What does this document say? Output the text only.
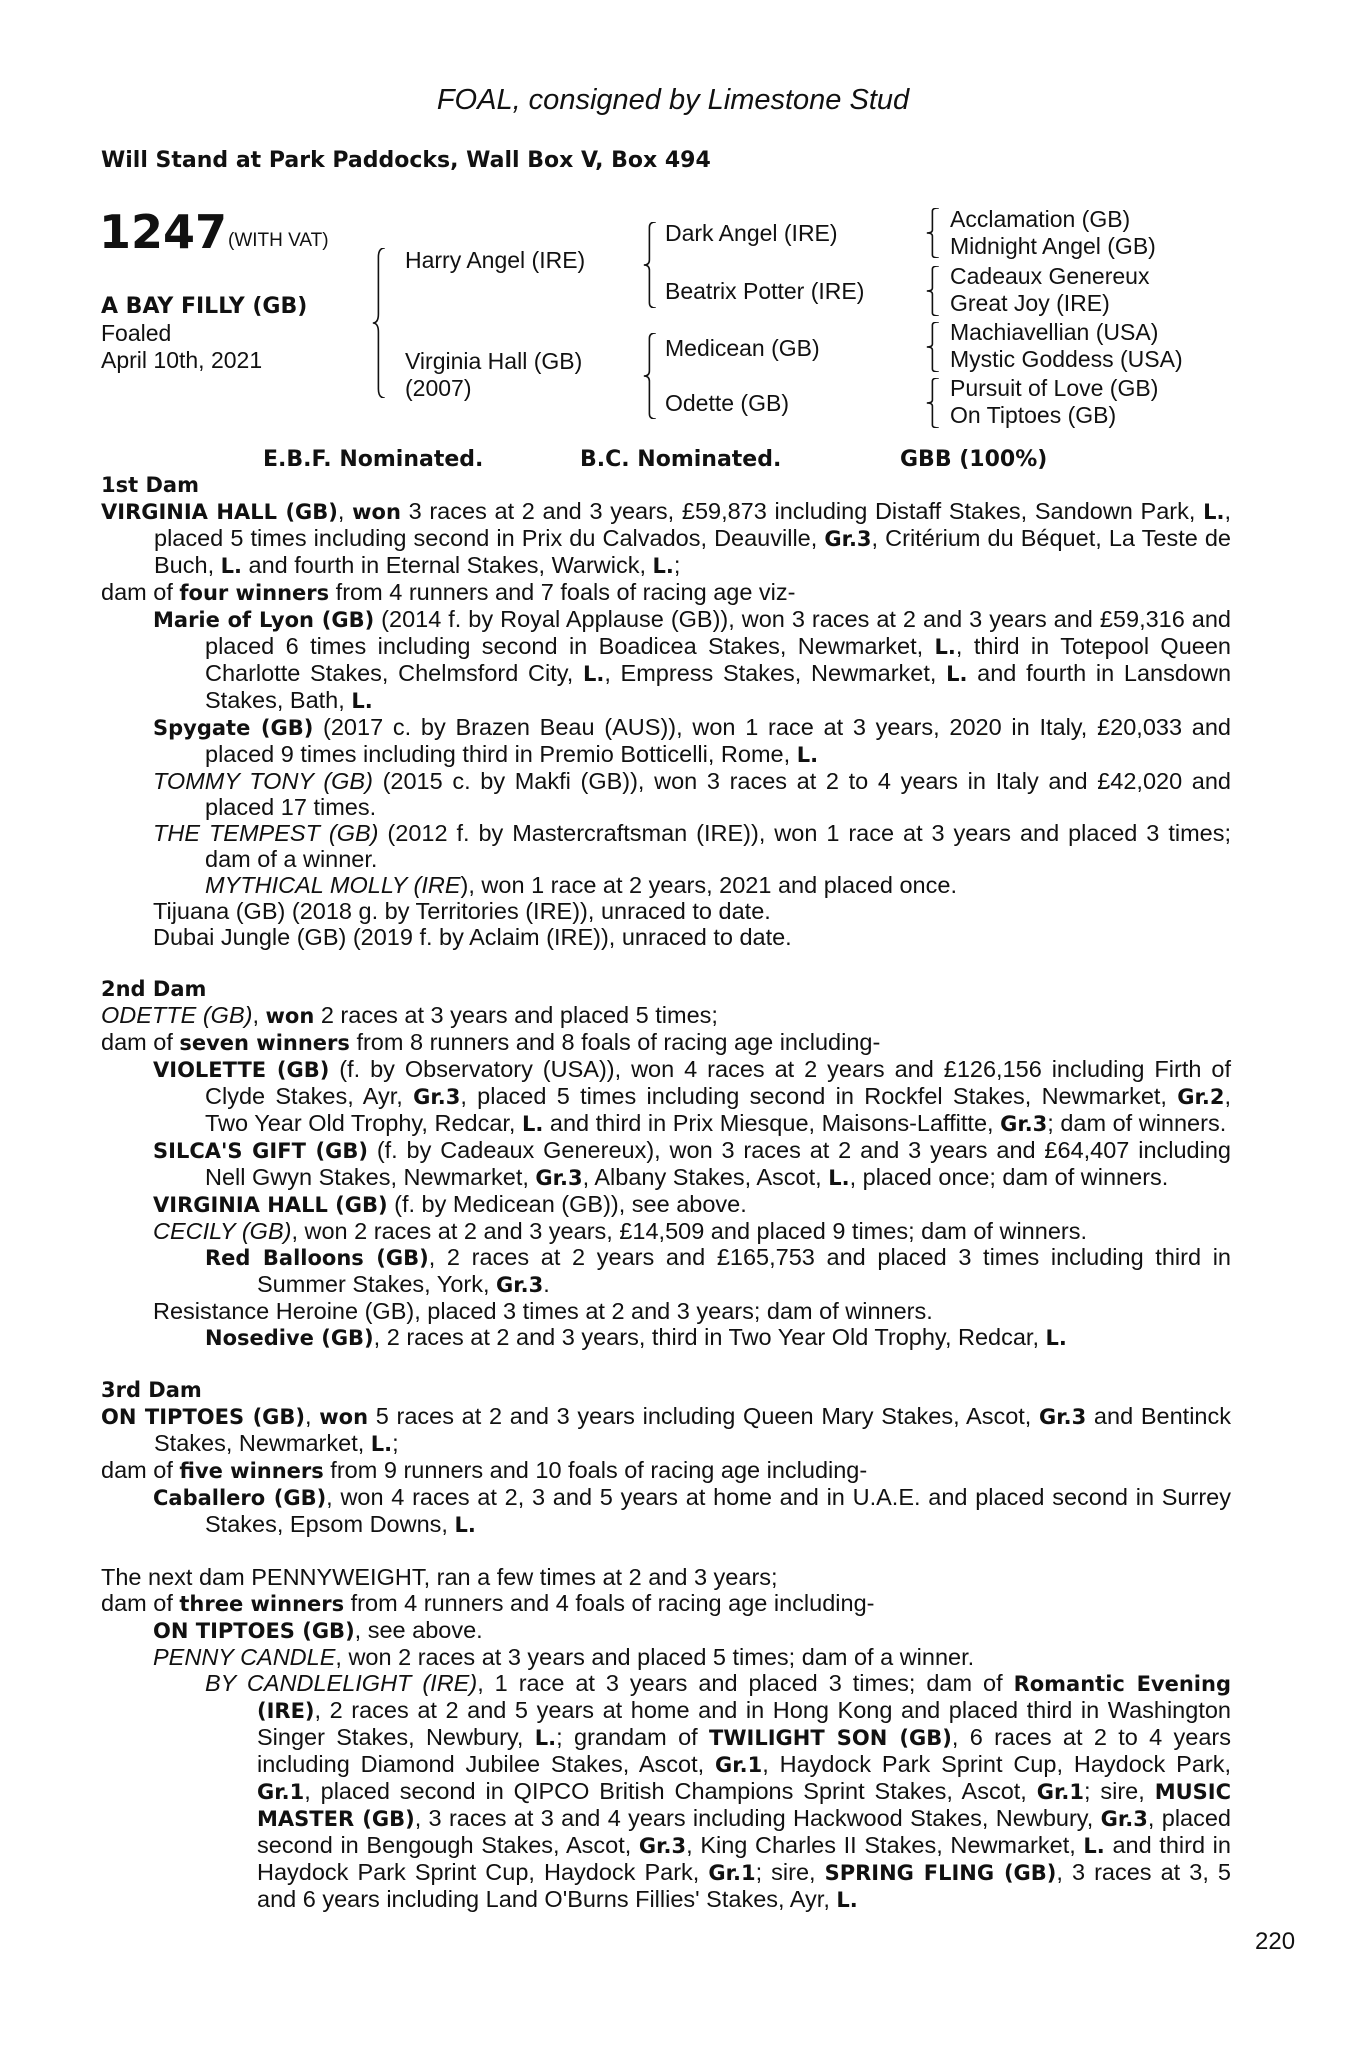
FOAL, consigned by Limestone Stud
Will Stand at Park Paddocks, Wall Box V, Box 494
1247 (WITH VAT)
A BAY FILLY (GB)
Foaled
April 10th, 2021
Harry Angel (IRE)
Virginia Hall (GB)
(2007)
Dark Angel (IRE)
Beatrix Potter (IRE)
Medicean (GB)
Odette (GB)
Acclamation (GB)
Midnight Angel (GB)
Cadeaux Genereux
Great Joy (IRE)
Machiavellian (USA)
Mystic Goddess (USA)
Pursuit of Love (GB)
On Tiptoes (GB)
E.B.F. Nominated.	B.C. Nominated.	GBB (100%)
1st Dam

VIRGINIA HALL (GB), won 3 races at 2 and 3 years, £59,873 including Distaff Stakes, Sandown Park, L., placed 5 times including second in Prix du Calvados, Deauville, Gr.3, Critérium du Béquet, La Teste de Buch, L. and fourth in Eternal Stakes, Warwick, L.;

dam of four winners from 4 runners and 7 foals of racing age viz-

Marie of Lyon (GB) (2014 f. by Royal Applause (GB)), won 3 races at 2 and 3 years and £59,316 and placed 6 times including second in Boadicea Stakes, Newmarket, L., third in Totepool Queen Charlotte Stakes, Chelmsford City, L., Empress Stakes, Newmarket, L. and fourth in Lansdown Stakes, Bath, L.

Spygate (GB) (2017 c. by Brazen Beau (AUS)), won 1 race at 3 years, 2020 in Italy, £20,033 and placed 9 times including third in Premio Botticelli, Rome, L.

TOMMY TONY (GB) (2015 c. by Makfi (GB)), won 3 races at 2 to 4 years in Italy and £42,020 and placed 17 times.

THE TEMPEST (GB) (2012 f. by Mastercraftsman (IRE)), won 1 race at 3 years and placed 3 times; dam of a winner.

MYTHICAL MOLLY (IRE), won 1 race at 2 years, 2021 and placed once.

Tijuana (GB) (2018 g. by Territories (IRE)), unraced to date.

Dubai Jungle (GB) (2019 f. by Aclaim (IRE)), unraced to date.

2nd Dam

ODETTE (GB), won 2 races at 3 years and placed 5 times;

dam of seven winners from 8 runners and 8 foals of racing age including-

VIOLETTE (GB) (f. by Observatory (USA)), won 4 races at 2 years and £126,156 including Firth of Clyde Stakes, Ayr, Gr.3, placed 5 times including second in Rockfel Stakes, Newmarket, Gr.2, Two Year Old Trophy, Redcar, L. and third in Prix Miesque, Maisons-Laffitte, Gr.3; dam of winners.

SILCA'S GIFT (GB) (f. by Cadeaux Genereux), won 3 races at 2 and 3 years and £64,407 including Nell Gwyn Stakes, Newmarket, Gr.3, Albany Stakes, Ascot, L., placed once; dam of winners.

VIRGINIA HALL (GB) (f. by Medicean (GB)), see above.

CECILY (GB), won 2 races at 2 and 3 years, £14,509 and placed 9 times; dam of winners.

Red Balloons (GB), 2 races at 2 years and £165,753 and placed 3 times including third in Summer Stakes, York, Gr.3.

Resistance Heroine (GB), placed 3 times at 2 and 3 years; dam of winners.

Nosedive (GB), 2 races at 2 and 3 years, third in Two Year Old Trophy, Redcar, L.

3rd Dam

ON TIPTOES (GB), won 5 races at 2 and 3 years including Queen Mary Stakes, Ascot, Gr.3 and Bentinck Stakes, Newmarket, L.;

dam of five winners from 9 runners and 10 foals of racing age including-

Caballero (GB), won 4 races at 2, 3 and 5 years at home and in U.A.E. and placed second in Surrey Stakes, Epsom Downs, L.

The next dam PENNYWEIGHT, ran a few times at 2 and 3 years;

dam of three winners from 4 runners and 4 foals of racing age including-

ON TIPTOES (GB), see above.

PENNY CANDLE, won 2 races at 3 years and placed 5 times; dam of a winner.

BY CANDLELIGHT (IRE), 1 race at 3 years and placed 3 times; dam of Romantic Evening (IRE), 2 races at 2 and 5 years at home and in Hong Kong and placed third in Washington Singer Stakes, Newbury, L.; grandam of TWILIGHT SON (GB), 6 races at 2 to 4 years including Diamond Jubilee Stakes, Ascot, Gr.1, Haydock Park Sprint Cup, Haydock Park, Gr.1, placed second in QIPCO British Champions Sprint Stakes, Ascot, Gr.1; sire, MUSIC MASTER (GB), 3 races at 3 and 4 years including Hackwood Stakes, Newbury, Gr.3, placed second in Bengough Stakes, Ascot, Gr.3, King Charles II Stakes, Newmarket, L. and third in Haydock Park Sprint Cup, Haydock Park, Gr.1; sire, SPRING FLING (GB), 3 races at 3, 5 and 6 years including Land O'Burns Fillies' Stakes, Ayr, L.

220
